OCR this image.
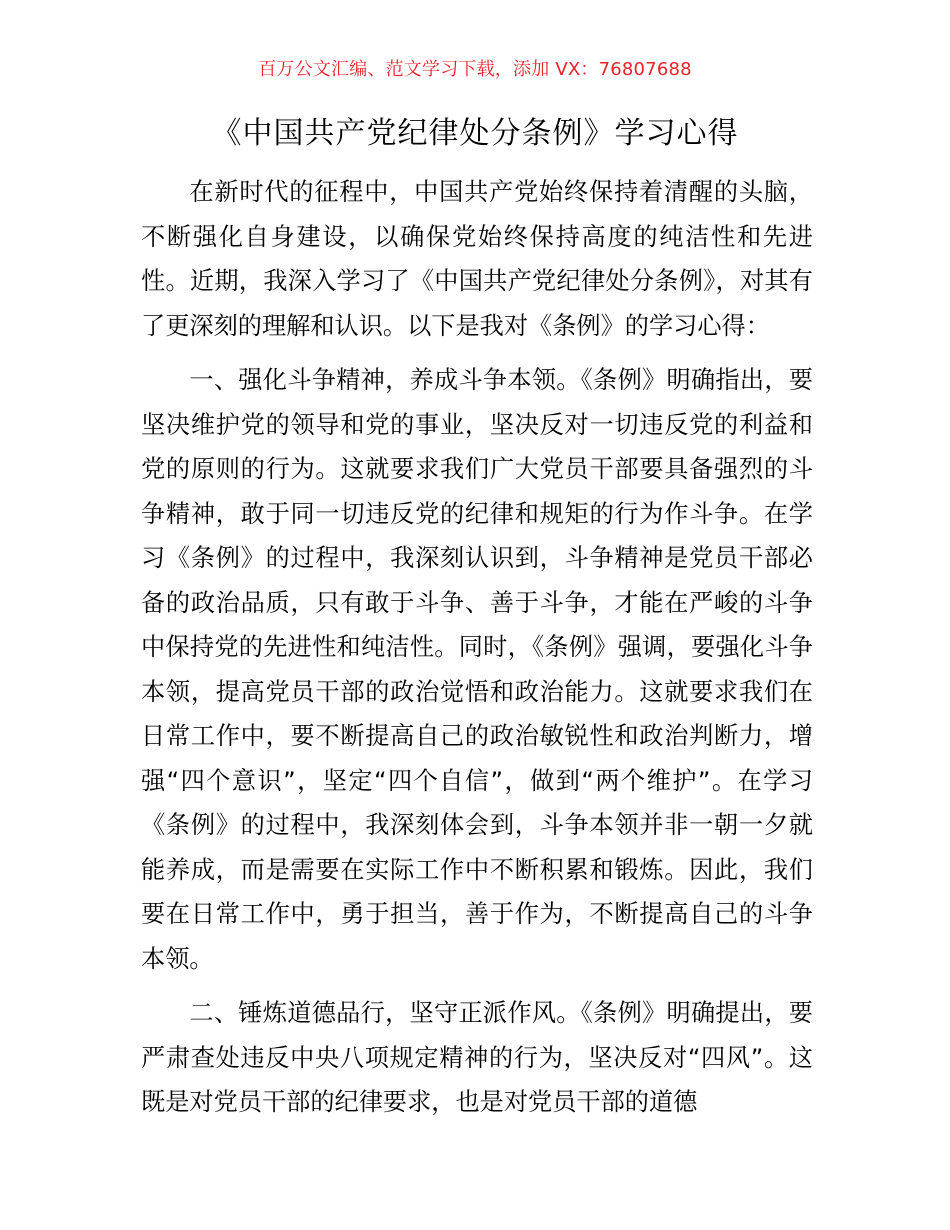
百万公文汇编、范文学习下载，添加 VX：76807688
《中国共产党纪律处分条例》学习心得

在新时代的征程中，中国共产党始终保持着清醒的头脑，不断强化自身建设，以确保党始终保持高度的纯洁性和先进性。近期，我深入学习了《中国共产党纪律处分条例》，对其有了更深刻的理解和认识。以下是我对《条例》的学习心得：

一、强化斗争精神，养成斗争本领。《条例》明确指出，要坚决维护党的领导和党的事业，坚决反对一切违反党的利益和党的原则的行为。这就要求我们广大党员干部要具备强烈的斗争精神，敢于同一切违反党的纪律和规矩的行为作斗争。在学习《条例》的过程中，我深刻认识到，斗争精神是党员干部必备的政治品质，只有敢于斗争、善于斗争，才能在严峻的斗争中保持党的先进性和纯洁性。同时，《条例》强调，要强化斗争本领，提高党员干部的政治觉悟和政治能力。这就要求我们在日常工作中，要不断提高自己的政治敏锐性和政治判断力，增强“四个意识”，坚定“四个自信”，做到“两个维护”。在学习《条例》的过程中，我深刻体会到，斗争本领并非一朝一夕就能养成，而是需要在实际工作中不断积累和锻炼。因此，我们要在日常工作中，勇于担当，善于作为，不断提高自己的斗争本领。

二、锤炼道德品行，坚守正派作风。《条例》明确提出，要严肃查处违反中央八项规定精神的行为，坚决反对“四风”。这既是对党员干部的纪律要求，也是对党员干部的道德
